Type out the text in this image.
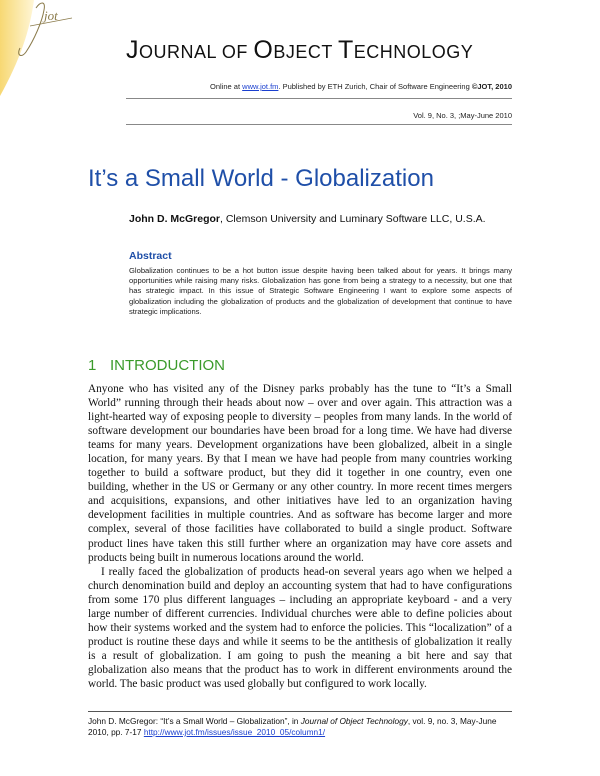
jot
JOURNAL OF OBJECT TECHNOLOGY
Online at www.jot.fm. Published by ETH Zurich, Chair of Software Engineering ©JOT, 2010
Vol. 9, No. 3, ;May-June 2010
It’s a Small World - Globalization
John D. McGregor, Clemson University and Luminary Software LLC, U.S.A.
Abstract
Globalization continues to be a hot button issue despite having been talked about for years. It brings many opportunities while raising many risks. Globalization has gone from being a strategy to a necessity, but one that has strategic impact. In this issue of Strategic Software Engineering I want to explore some aspects of globalization including the globalization of products and the globalization of development that continue to have strategic implications.
1 INTRODUCTION

Anyone who has visited any of the Disney parks probably has the tune to “It’s a Small World” running through their heads about now – over and over again. This attraction was a light-hearted way of exposing people to diversity – peoples from many lands. In the world of software development our boundaries have been broad for a long time. We have had diverse teams for many years. Development organizations have been globalized, albeit in a single location, for many years. By that I mean we have had people from many countries working together to build a software product, but they did it together in one country, even one building, whether in the US or Germany or any other country. In more recent times mergers and acquisitions, expansions, and other initiatives have led to an organization having development facilities in multiple countries. And as software has become larger and more complex, several of those facilities have collaborated to build a single product. Software product lines have taken this still further where an organization may have core assets and products being built in numerous locations around the world.

I really faced the globalization of products head-on several years ago when we helped a church denomination build and deploy an accounting system that had to have configurations from some 170 plus different languages – including an appropriate keyboard - and a very large number of different currencies. Individual churches were able to define policies about how their systems worked and the system had to enforce the policies. This “localization” of a product is routine these days and while it seems to be the antithesis of globalization it really is a result of globalization. I am going to push the meaning a bit here and say that globalization also means that the product has to work in different environments around the world. The basic product was used globally but configured to work locally.

John D. McGregor: “It’s a Small World – Globalization”, in Journal of Object Technology, vol. 9, no. 3, May-June 2010, pp. 7-17 http://www.jot.fm/issues/issue_2010_05/column1/
